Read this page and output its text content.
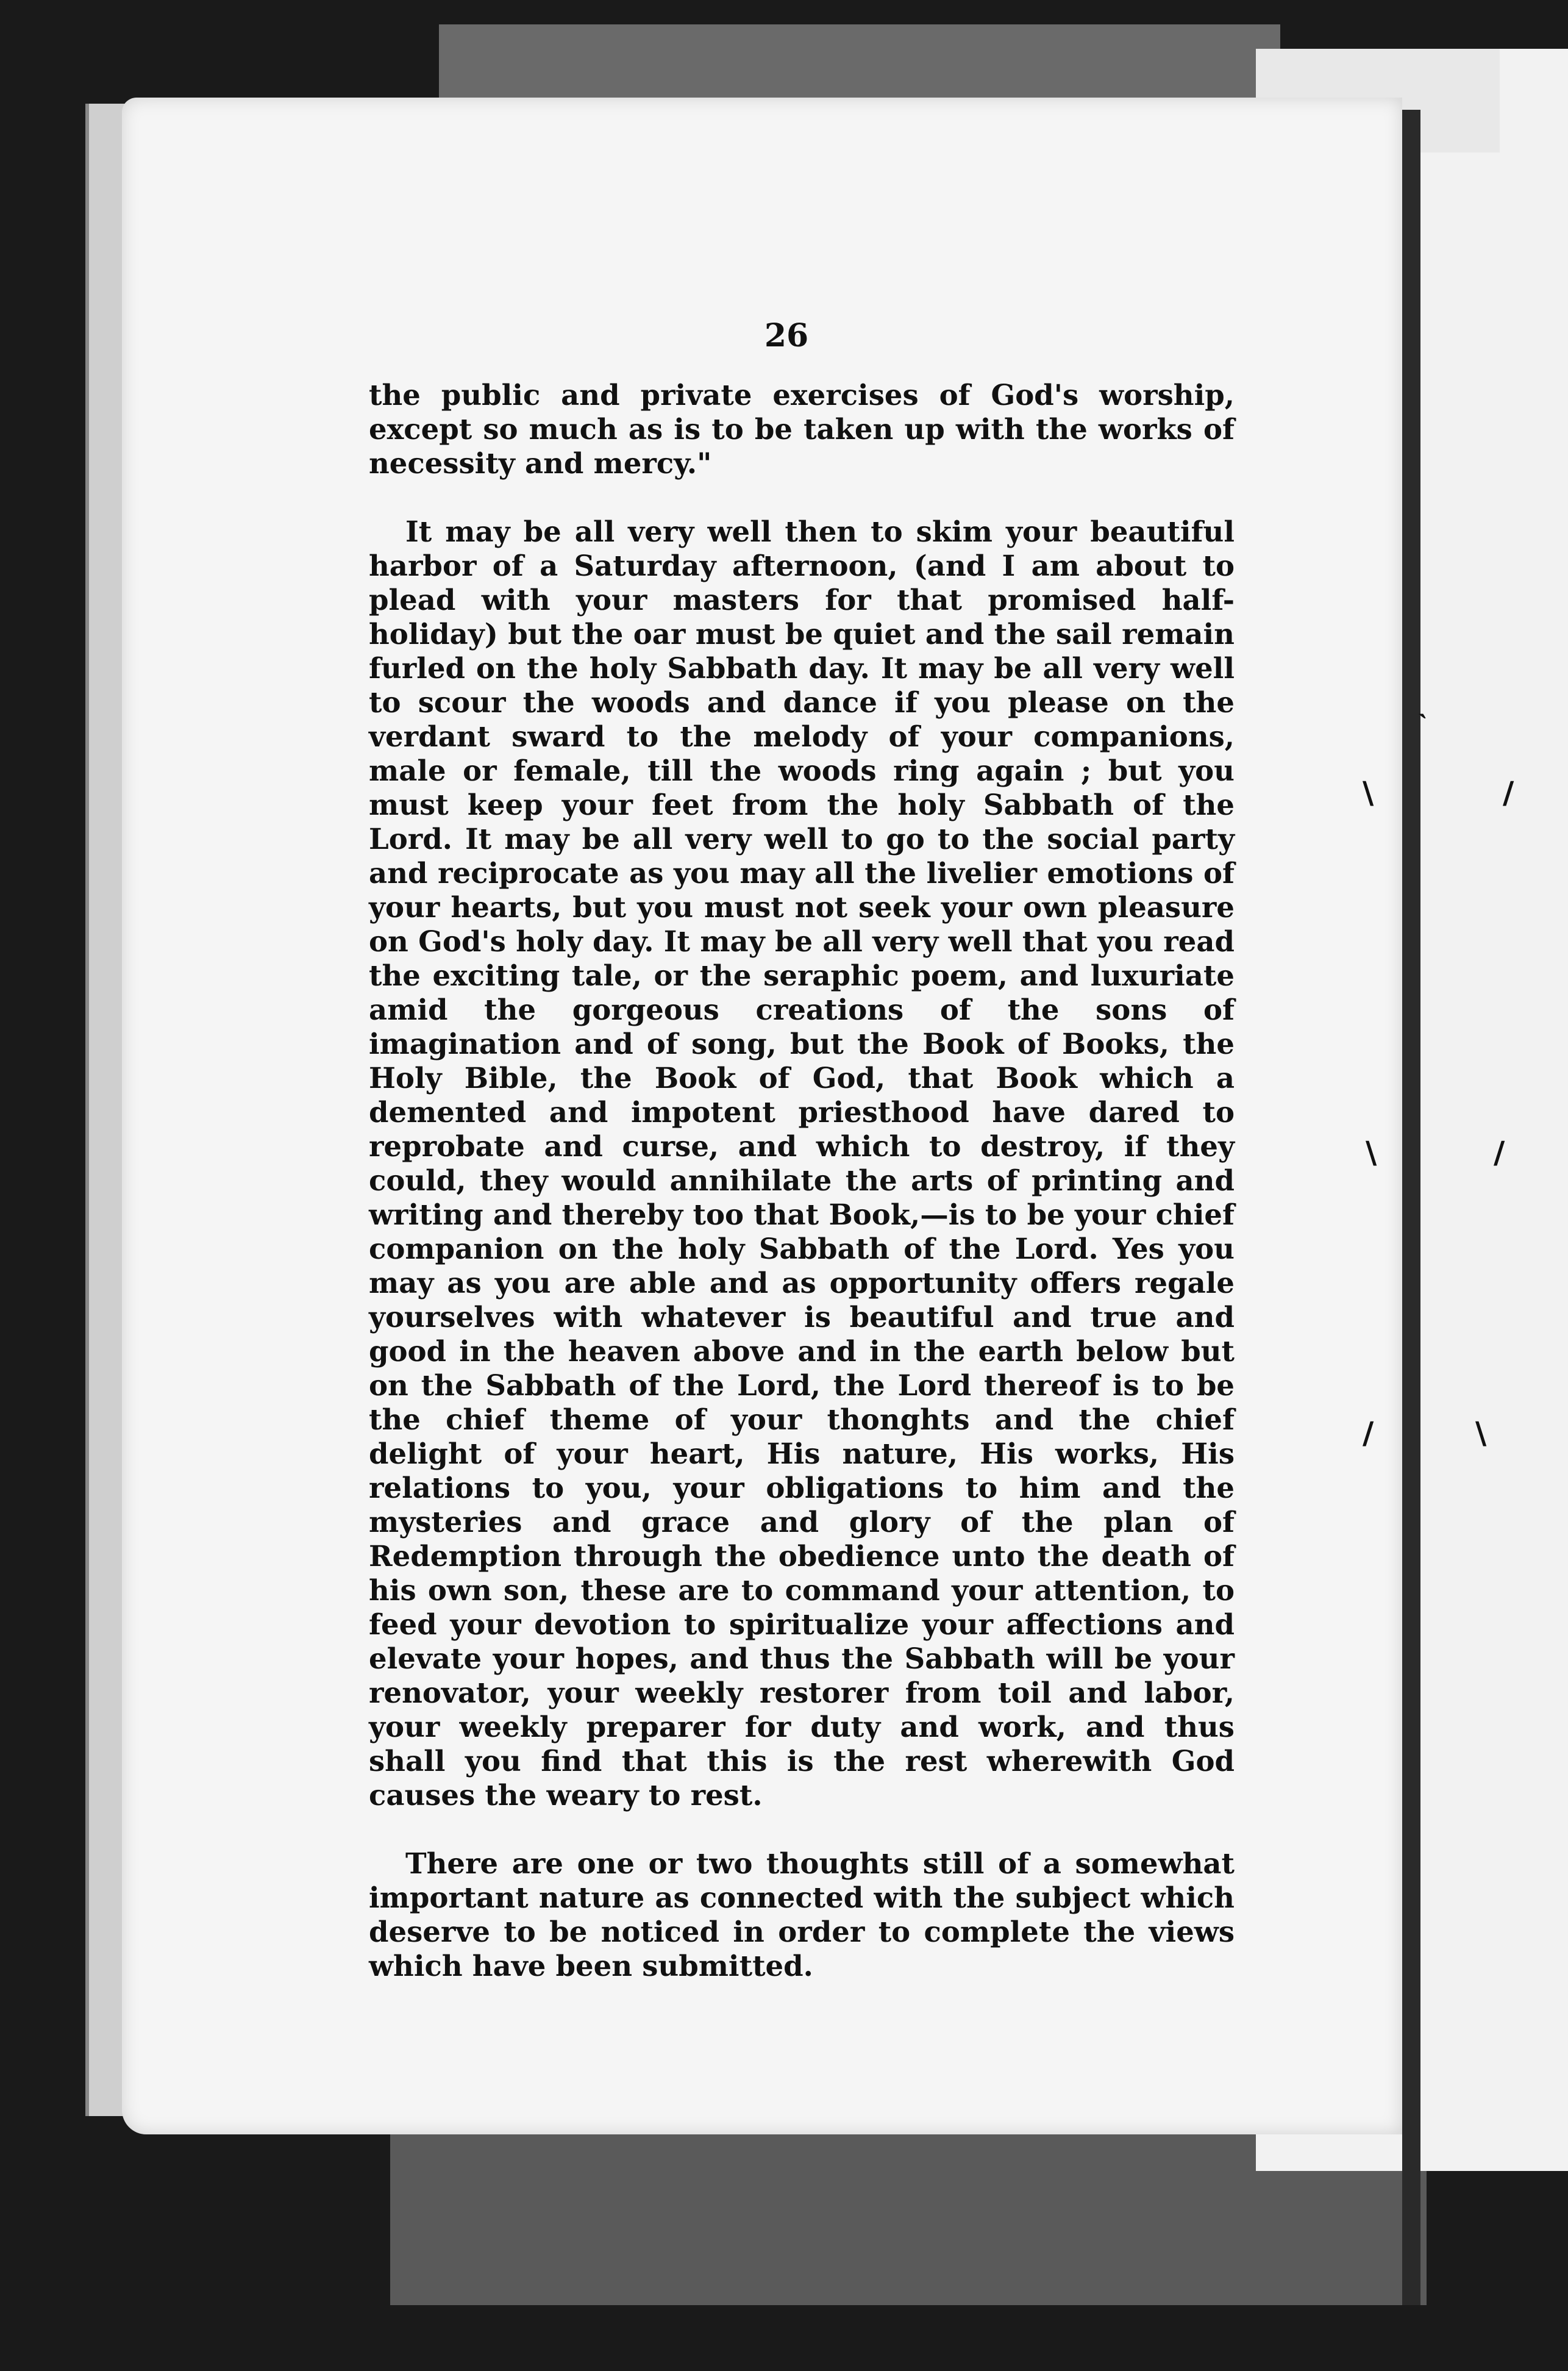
ˎ
\	/
\	/
/	\
26

the public and private exercises of God's worship, except so much as is to be taken up with the works of necessity and mercy."

It may be all very well then to skim your beautiful harbor of a Saturday afternoon, (and I am about to plead with your masters for that promised half-holiday) but the oar must be quiet and the sail remain furled on the holy Sabbath day. It may be all very well to scour the woods and dance if you please on the verdant sward to the melody of your companions, male or female, till the woods ring again ; but you must keep your feet from the holy Sabbath of the Lord. It may be all very well to go to the social party and reciprocate as you may all the livelier emotions of your hearts, but you must not seek your own pleasure on God's holy day. It may be all very well that you read the exciting tale, or the seraphic poem, and luxuriate amid the gorgeous creations of the sons of imagination and of song, but the Book of Books, the Holy Bible, the Book of God, that Book which a demented and impotent priesthood have dared to reprobate and curse, and which to destroy, if they could, they would annihilate the arts of printing and writing and thereby too that Book,—is to be your chief companion on the holy Sabbath of the Lord. Yes you may as you are able and as opportunity offers regale yourselves with whatever is beautiful and true and good in the heaven above and in the earth below but on the Sabbath of the Lord, the Lord thereof is to be the chief theme of your thonghts and the chief delight of your heart, His nature, His works, His relations to you, your obligations to him and the mysteries and grace and glory of the plan of Redemption through the obedience unto the death of his own son, these are to command your attention, to feed your devotion to spiritualize your affections and elevate your hopes, and thus the Sabbath will be your renovator, your weekly restorer from toil and labor, your weekly preparer for duty and work, and thus shall you find that this is the rest wherewith God causes the weary to rest.

There are one or two thoughts still of a somewhat important nature as connected with the subject which deserve to be noticed in order to complete the views which have been submitted.
